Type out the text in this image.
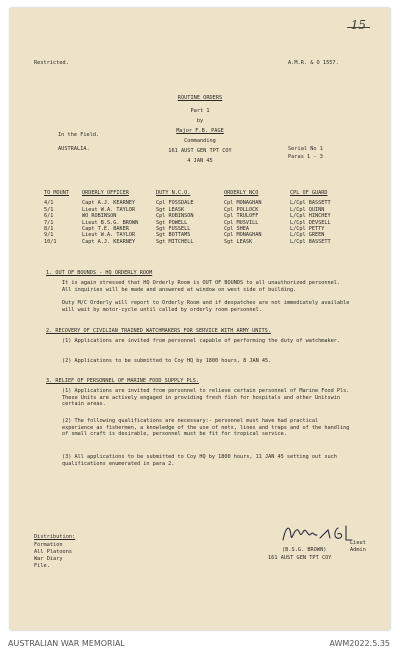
15
Restricted.	A.M.R. & O 1557.
ROUTINE ORDERS
Part 1
by
Major F.B. PAGE
Commanding
161 AUST GEN TPT COY
4 JAN 45
In the Field.
AUSTRALIA.	Serial No 1
Paras 1 - 3
TO MOUNT	ORDERLY OFFICER	DUTY N.C.O.	ORDERLY NCO	CPL OF GUARD

4/1	Capt A.J. KEARNEY	Cpl FOSSDALE	Cpl MONAGHAN	L/Cpl BASSETT
5/1	Lieut W.A. TAYLOR	Sgt LEASK	Cpl POLLOCK	L/Cpl QUINN
6/1	WO ROBINSON	Cpl ROBINSON	Cpl TRULOFF	L/Cpl HINCHEY
7/1	Lieut B.S.G. BROWN	Sgt POWELL	Cpl MUSVILL	L/Cpl DEVSELL
8/1	Capt T.E. BAKER	Sgt FUSSELL	Cpl SHEA	L/Cpl PETTY
9/1	Lieut W.A. TAYLOR	Sgt BOTTAMS	Cpl MONAGHAN	L/Cpl GREEN
10/1	Capt A.J. KEARNEY	Sgt MITCHELL	Sgt LEASK	L/Cpl BASSETT
1. OUT OF BOUNDS - HQ ORDERLY ROOM
It is again stressed that HQ Orderly Room is OUT OF BOUNDS to all unauthorized personnel. All inquiries will be made and answered at window on west side of building.
Duty M/C Orderly will report to Orderly Room and if despatches are not immediately available will wait by motor-cycle until called by orderly room personnel.
2. RECOVERY OF CIVILIAN TRAINED WATCHMAKERS FOR SERVICE WITH ARMY UNITS.
(1) Applications are invited from personnel capable of performing the duty of watchmaker.
(2) Applications to be submitted to Coy HQ by 1800 hours, 8 JAN 45.
3. RELIEF OF PERSONNEL OF MARINE FOOD SUPPLY PLS.
(1) Applications are invited from personnel to relieve certain personnel of Marine Food Pls. These Units are actively engaged in providing fresh fish for hospitals and other Unitswin certain areas.
(2) The following qualifications are necessary:- personnel must have had practical experience as fishermen, a knowledge of the use of nets, lines and traps and of the handling of small craft is desirable, personnel must be fit for tropical service.
(3) All applications to be submitted to Coy HQ by 1800 hours, 11 JAN 45 setting out such qualifications enumerated in para 2.
Distribution:
Formation
All Platoons
War Diary
File.
Lieut
(B.S.G. BROWN)	Admin
161 AUST GEN TPT COY
AUSTRALIAN WAR MEMORIAL	AWM2022.5.35
